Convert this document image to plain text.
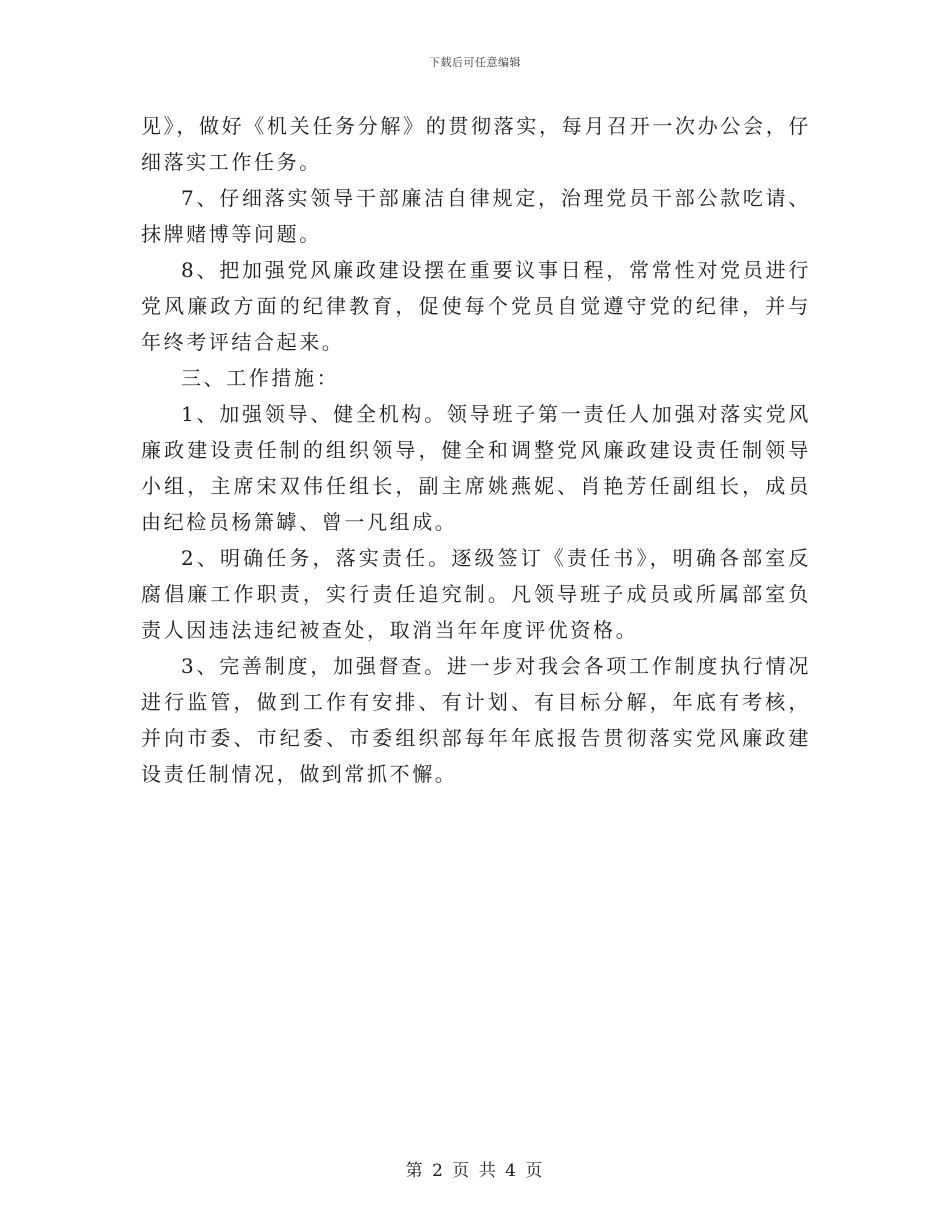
下载后可任意编辑

见》，做好《机关任务分解》的贯彻落实，每月召开一次办公会，仔细落实工作任务。

7、仔细落实领导干部廉洁自律规定，治理党员干部公款吃请、抹牌赌博等问题。

8、把加强党风廉政建设摆在重要议事日程，常常性对党员进行党风廉政方面的纪律教育，促使每个党员自觉遵守党的纪律，并与年终考评结合起来。

三、工作措施：

1、加强领导、健全机构。领导班子第一责任人加强对落实党风廉政建设责任制的组织领导，健全和调整党风廉政建设责任制领导小组，主席宋双伟任组长，副主席姚燕妮、肖艳芳任副组长，成员由纪检员杨箫罅、曾一凡组成。

2、明确任务，落实责任。逐级签订《责任书》，明确各部室反腐倡廉工作职责，实行责任追究制。凡领导班子成员或所属部室负责人因违法违纪被查处，取消当年年度评优资格。

3、完善制度，加强督查。进一步对我会各项工作制度执行情况进行监管，做到工作有安排、有计划、有目标分解，年底有考核，并向市委、市纪委、市委组织部每年年底报告贯彻落实党风廉政建设责任制情况，做到常抓不懈。

第 2 页 共 4 页
